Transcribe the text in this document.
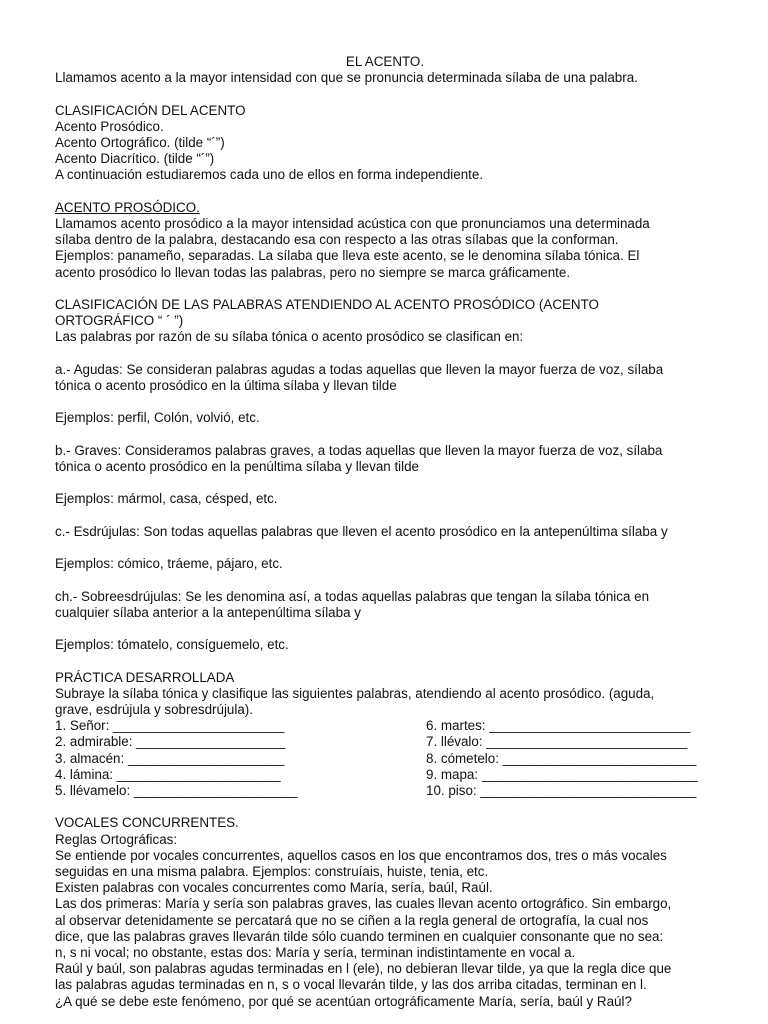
EL ACENTO.

Llamamos acento a la mayor intensidad con que se pronuncia determinada sílaba de una palabra.

CLASIFICACIÓN DEL ACENTO

Acento Prosódico.

Acento Ortográfico. (tilde “´”)

Acento Diacrítico. (tilde “´”)

A continuación estudiaremos cada uno de ellos en forma independiente.

ACENTO PROSÓDICO.

Llamamos acento prosódico a la mayor intensidad acústica con que pronunciamos una determinada

sílaba dentro de la palabra, destacando esa con respecto a las otras sílabas que la conforman.

Ejemplos: panameño, separadas. La sílaba que lleva este acento, se le denomina sílaba tónica. El

acento prosódico lo llevan todas las palabras, pero no siempre se marca gráficamente.

CLASIFICACIÓN DE LAS PALABRAS ATENDIENDO AL ACENTO PROSÓDICO (ACENTO

ORTOGRÁFICO “ ´ ”)

Las palabras por razón de su sílaba tónica o acento prosódico se clasifican en:

a.- Agudas: Se consideran palabras agudas a todas aquellas que lleven la mayor fuerza de voz, sílaba

tónica o acento prosódico en la última sílaba y llevan tilde

Ejemplos: perfil, Colón, volvió, etc.

b.- Graves: Consideramos palabras graves, a todas aquellas que lleven la mayor fuerza de voz, sílaba

tónica o acento prosódico en la penúltima sílaba y llevan tilde

Ejemplos: mármol, casa, césped, etc.

c.- Esdrújulas: Son todas aquellas palabras que lleven el acento prosódico en la antepenúltima sílaba y

Ejemplos: cómico, tráeme, pájaro, etc.

ch.- Sobreesdrújulas: Se les denomina así, a todas aquellas palabras que tengan la sílaba tónica en

cualquier sílaba anterior a la antepenúltima sílaba y

Ejemplos: tómatelo, consíguemelo, etc.

PRÁCTICA DESARROLLADA

Subraye la sílaba tónica y clasifique las siguientes palabras, atendiendo al acento prosódico. (aguda,

grave, esdrújula y sobresdrújula).

1. Señor: _______________________

2. admirable: ____________________

3. almacén: _____________________

4. lámina: ______________________

5. llévamelo: ______________________

6. martes: ___________________________

7. llévalo: ___________________________

8. cómetelo: __________________________

9. mapa: _____________________________

10. piso: _____________________________

VOCALES CONCURRENTES.

Reglas Ortográficas:

Se entiende por vocales concurrentes, aquellos casos en los que encontramos dos, tres o más vocales

seguidas en una misma palabra. Ejemplos: construíais, huiste, tenia, etc.

Existen palabras con vocales concurrentes como María, sería, baúl, Raúl.

Las dos primeras: María y sería son palabras graves, las cuales llevan acento ortográfico. Sin embargo,

al observar detenidamente se percatará que no se ciñen a la regla general de ortografía, la cual nos

dice, que las palabras graves llevarán tilde sólo cuando terminen en cualquier consonante que no sea:

n, s ni vocal; no obstante, estas dos: María y sería, terminan indistintamente en vocal a.

Raúl y baúl, son palabras agudas terminadas en l (ele), no debieran llevar tilde, ya que la regla dice que

las palabras agudas terminadas en n, s o vocal llevarán tilde, y las dos arriba citadas, terminan en l.

¿A qué se debe este fenómeno, por qué se acentúan ortográficamente María, sería, baúl y Raúl?
